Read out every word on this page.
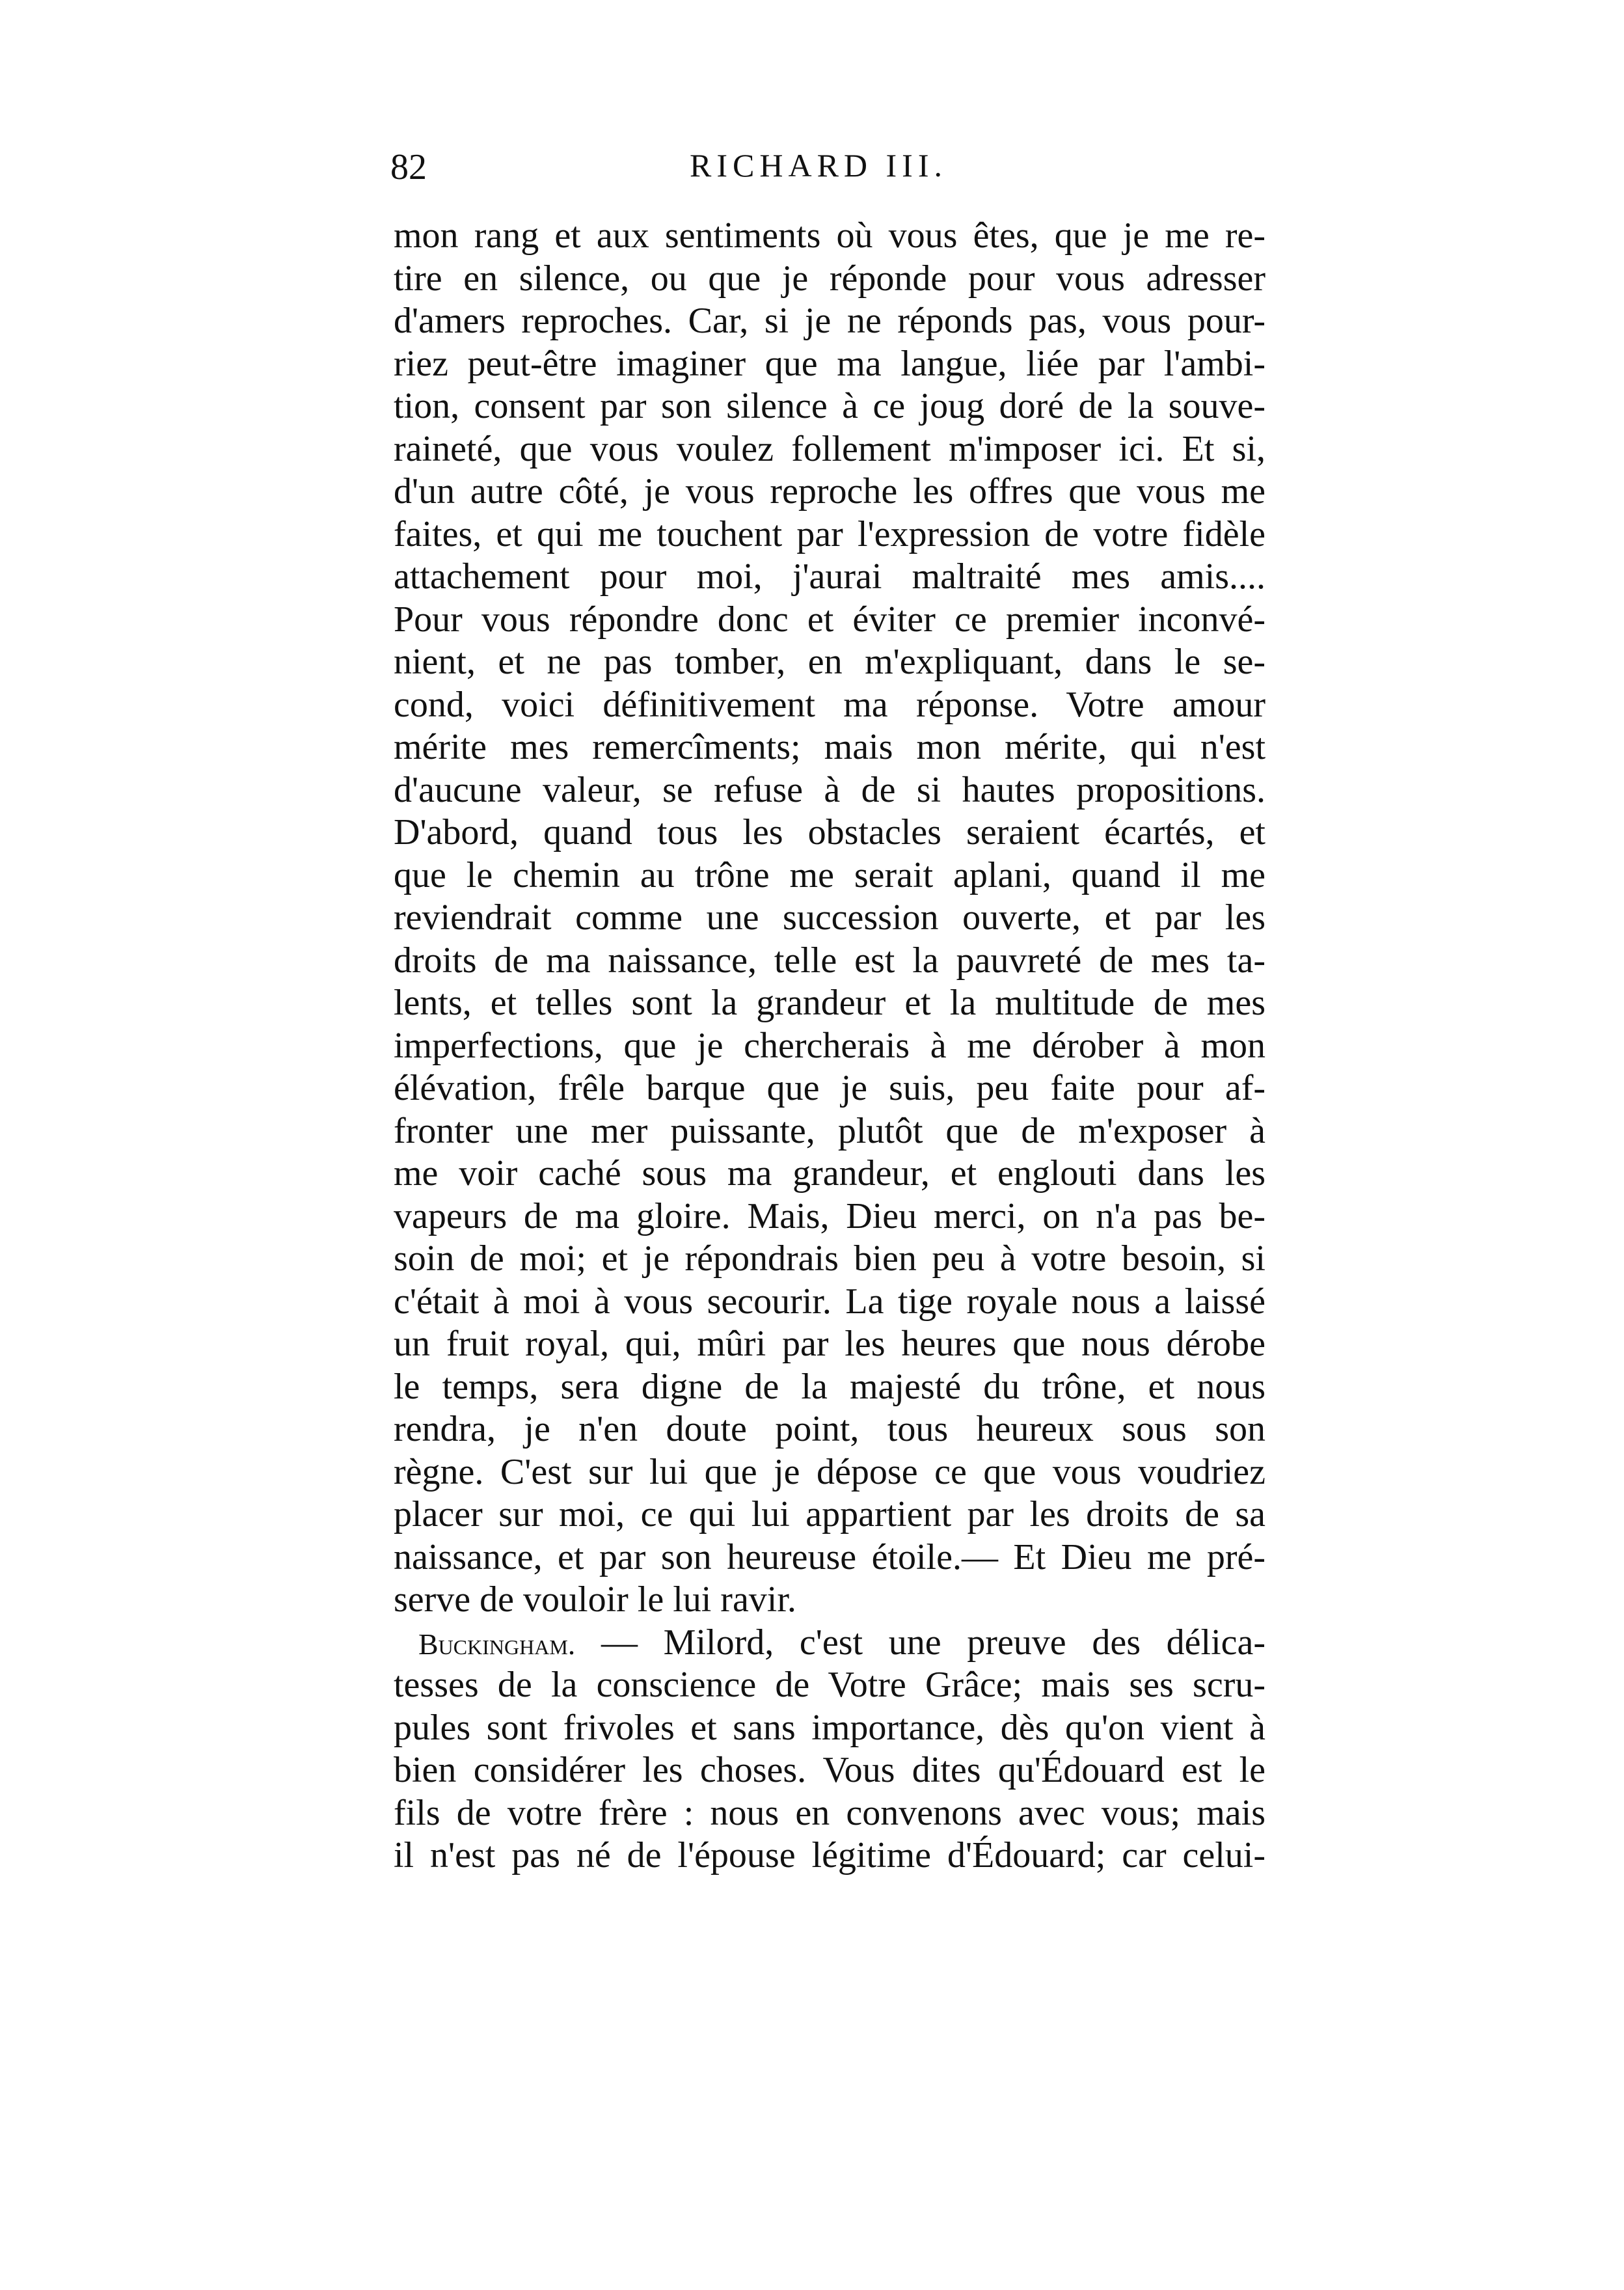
82	RICHARD III.
mon rang et aux sentiments où vous êtes, que je me re-
tire en silence, ou que je réponde pour vous adresser
d'amers reproches. Car, si je ne réponds pas, vous pour-
riez peut-être imaginer que ma langue, liée par l'ambi-
tion, consent par son silence à ce joug doré de la souve-
raineté, que vous voulez follement m'imposer ici. Et si,
d'un autre côté, je vous reproche les offres que vous me
faites, et qui me touchent par l'expression de votre fidèle
attachement pour moi, j'aurai maltraité mes amis....
Pour vous répondre donc et éviter ce premier inconvé-
nient, et ne pas tomber, en m'expliquant, dans le se-
cond, voici définitivement ma réponse. Votre amour
mérite mes remercîments; mais mon mérite, qui n'est
d'aucune valeur, se refuse à de si hautes propositions.
D'abord, quand tous les obstacles seraient écartés, et
que le chemin au trône me serait aplani, quand il me
reviendrait comme une succession ouverte, et par les
droits de ma naissance, telle est la pauvreté de mes ta-
lents, et telles sont la grandeur et la multitude de mes
imperfections, que je chercherais à me dérober à mon
élévation, frêle barque que je suis, peu faite pour af-
fronter une mer puissante, plutôt que de m'exposer à
me voir caché sous ma grandeur, et englouti dans les
vapeurs de ma gloire. Mais, Dieu merci, on n'a pas be-
soin de moi; et je répondrais bien peu à votre besoin, si
c'était à moi à vous secourir. La tige royale nous a laissé
un fruit royal, qui, mûri par les heures que nous dérobe
le temps, sera digne de la majesté du trône, et nous
rendra, je n'en doute point, tous heureux sous son
règne. C'est sur lui que je dépose ce que vous voudriez
placer sur moi, ce qui lui appartient par les droits de sa
naissance, et par son heureuse étoile.— Et Dieu me pré-
serve de vouloir le lui ravir.
Buckingham. — Milord, c'est une preuve des délica-
tesses de la conscience de Votre Grâce; mais ses scru-
pules sont frivoles et sans importance, dès qu'on vient à
bien considérer les choses. Vous dites qu'Édouard est le
fils de votre frère : nous en convenons avec vous; mais
il n'est pas né de l'épouse légitime d'Édouard; car celui-
